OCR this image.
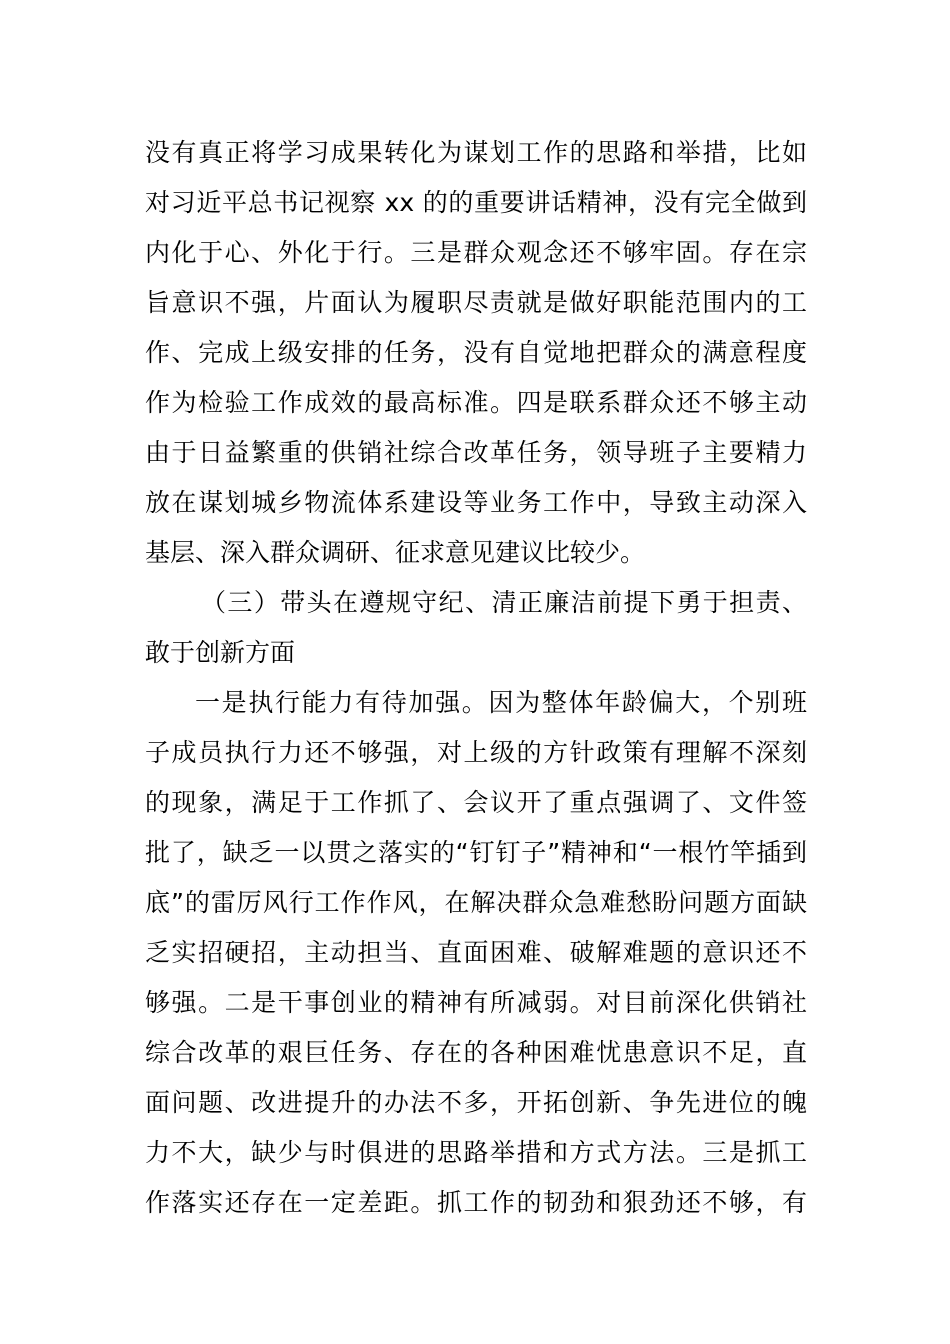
没有真正将学习成果转化为谋划工作的思路和举措，比如
对习近平总书记视察 xx 的的重要讲话精神，没有完全做到
内化于心、外化于行。三是群众观念还不够牢固。存在宗
旨意识不强，片面认为履职尽责就是做好职能范围内的工
作、完成上级安排的任务，没有自觉地把群众的满意程度
作为检验工作成效的最高标准。四是联系群众还不够主动
由于日益繁重的供销社综合改革任务，领导班子主要精力
放在谋划城乡物流体系建设等业务工作中，导致主动深入
基层、深入群众调研、征求意见建议比较少。
（三）带头在遵规守纪、清正廉洁前提下勇于担责、
敢于创新方面
一是执行能力有待加强。因为整体年龄偏大，个别班
子成员执行力还不够强，对上级的方针政策有理解不深刻
的现象，满足于工作抓了、会议开了重点强调了、文件签
批了，缺乏一以贯之落实的“钉钉子”精神和“一根竹竿插到
底”的雷厉风行工作作风，在解决群众急难愁盼问题方面缺
乏实招硬招，主动担当、直面困难、破解难题的意识还不
够强。二是干事创业的精神有所减弱。对目前深化供销社
综合改革的艰巨任务、存在的各种困难忧患意识不足，直
面问题、改进提升的办法不多，开拓创新、争先进位的魄
力不大，缺少与时俱进的思路举措和方式方法。三是抓工
作落实还存在一定差距。抓工作的韧劲和狠劲还不够，有
